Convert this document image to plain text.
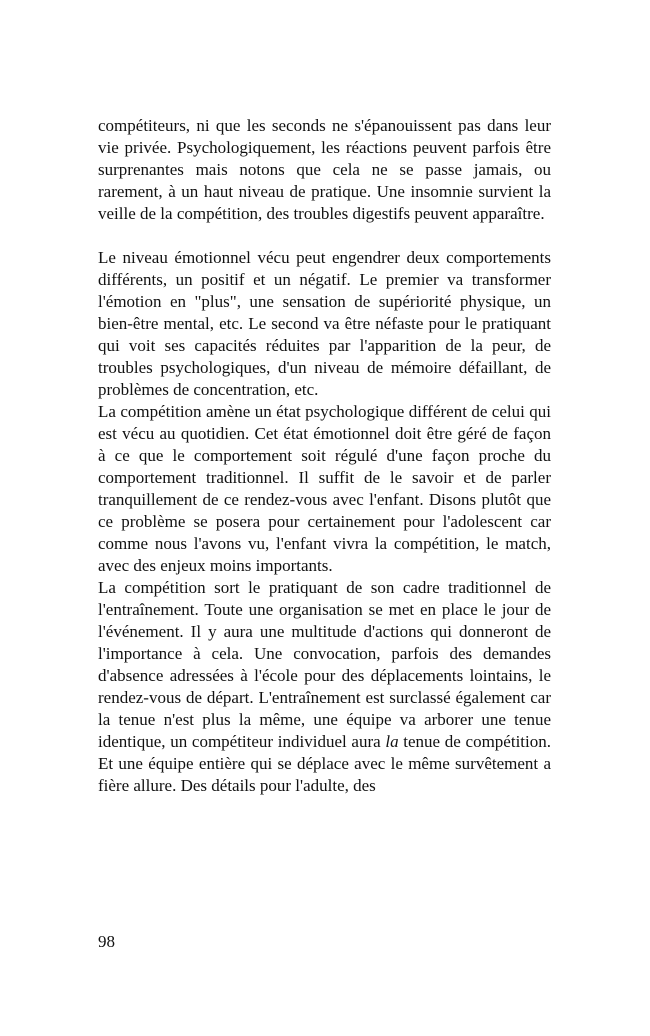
compétiteurs, ni que les seconds ne s'épanouissent pas dans leur vie privée. Psychologiquement, les réactions peuvent parfois être surprenantes mais notons que cela ne se passe jamais, ou rarement, à un haut niveau de pratique. Une insomnie survient la veille de la compétition, des troubles digestifs peuvent apparaître.

Le niveau émotionnel vécu peut engendrer deux comportements différents, un positif et un négatif. Le premier va transformer l'émotion en "plus", une sensation de supériorité physique, un bien-être mental, etc. Le second va être néfaste pour le pratiquant qui voit ses capacités réduites par l'apparition de la peur, de troubles psychologiques, d'un niveau de mémoire défaillant, de problèmes de concentration, etc.

La compétition amène un état psychologique différent de celui qui est vécu au quotidien. Cet état émotionnel doit être géré de façon à ce que le comportement soit régulé d'une façon proche du comportement traditionnel. Il suffit de le savoir et de parler tranquillement de ce rendez-vous avec l'enfant. Disons plutôt que ce problème se posera pour certainement pour l'adolescent car comme nous l'avons vu, l'enfant vivra la compétition, le match, avec des enjeux moins importants.

La compétition sort le pratiquant de son cadre traditionnel de l'entraînement. Toute une organisation se met en place le jour de l'événement. Il y aura une multitude d'actions qui donneront de l'importance à cela. Une convocation, parfois des demandes d'absence adressées à l'école pour des déplacements lointains, le rendez-vous de départ. L'entraînement est surclassé également car la tenue n'est plus la même, une équipe va arborer une tenue identique, un compétiteur individuel aura la tenue de compétition. Et une équipe entière qui se déplace avec le même survêtement a fière allure. Des détails pour l'adulte, des

98
